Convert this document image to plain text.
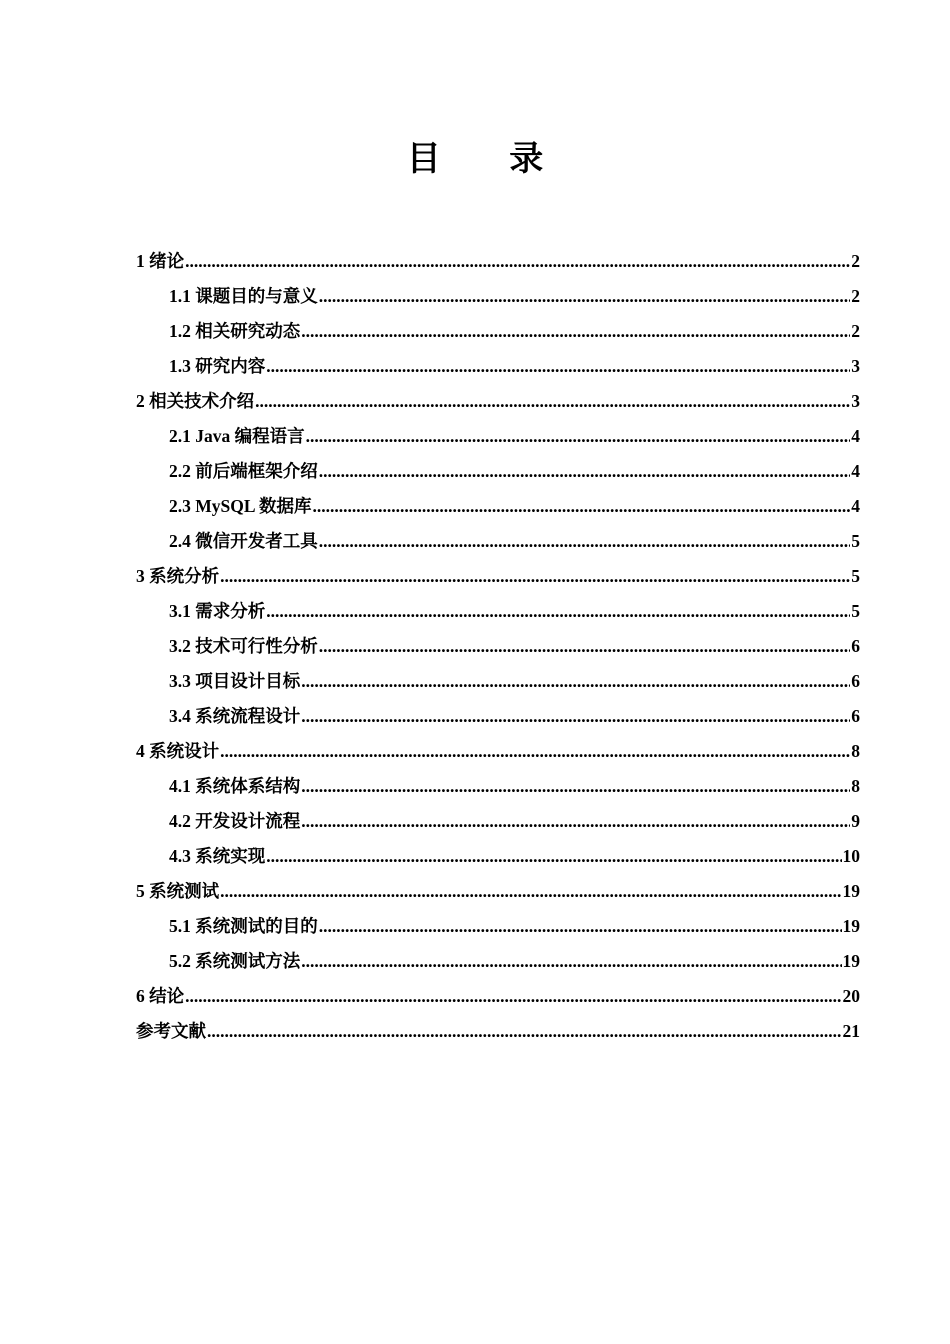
目 录
1 绪论 .....	2
1.1 课题目的与意义 .....	2
1.2 相关研究动态 .....	2
1.3 研究内容 .....	3
2 相关技术介绍 .....	3
2.1 Java 编程语言 .....	4
2.2 前后端框架介绍 .....	4
2.3 MySQL 数据库 .....	4
2.4 微信开发者工具 .....	5
3 系统分析 .....	5
3.1 需求分析 .....	5
3.2 技术可行性分析 .....	6
3.3 项目设计目标 .....	6
3.4 系统流程设计 .....	6
4 系统设计 .....	8
4.1 系统体系结构 .....	8
4.2 开发设计流程 .....	9
4.3 系统实现 .....	10
5 系统测试 .....	19
5.1 系统测试的目的 .....	19
5.2 系统测试方法 .....	19
6 结论 .....	20
参考文献 .....	21
